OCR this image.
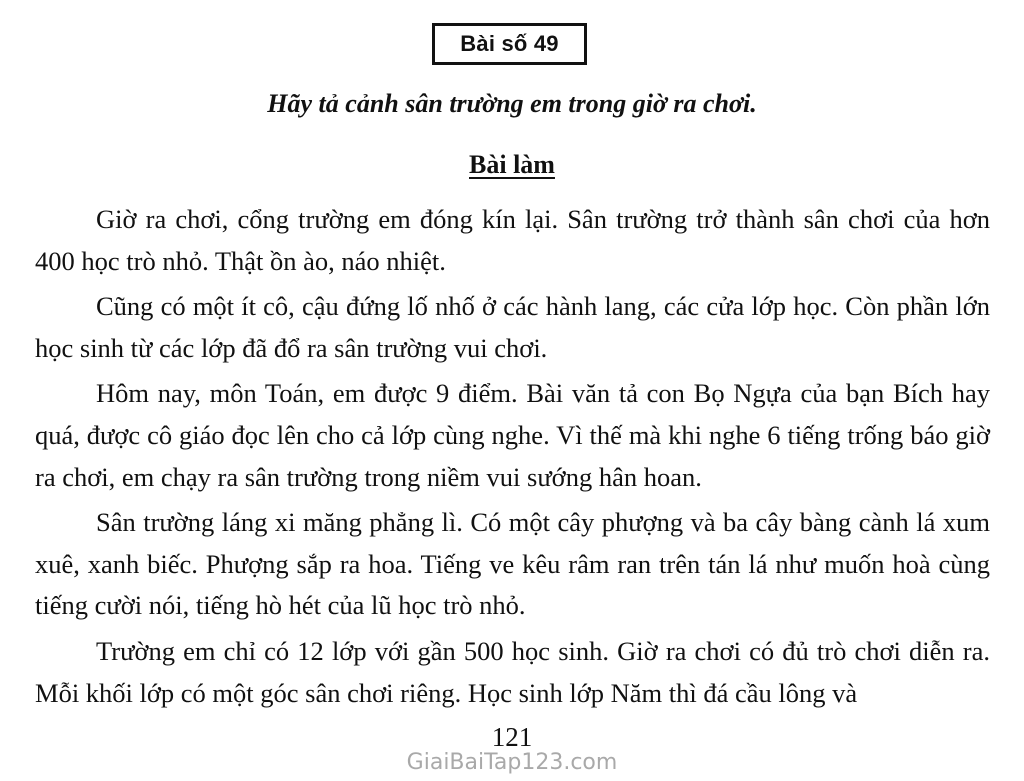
Bài số 49
Hãy tả cảnh sân trường em trong giờ ra chơi.
Bài làm

Giờ ra chơi, cổng trường em đóng kín lại. Sân trường trở thành sân chơi của hơn 400 học trò nhỏ. Thật ồn ào, náo nhiệt.

Cũng có một ít cô, cậu đứng lố nhố ở các hành lang, các cửa lớp học. Còn phần lớn học sinh từ các lớp đã đổ ra sân trường vui chơi.

Hôm nay, môn Toán, em được 9 điểm. Bài văn tả con Bọ Ngựa của bạn Bích hay quá, được cô giáo đọc lên cho cả lớp cùng nghe. Vì thế mà khi nghe 6 tiếng trống báo giờ ra chơi, em chạy ra sân trường trong niềm vui sướng hân hoan.

Sân trường láng xi măng phẳng lì. Có một cây phượng và ba cây bàng cành lá xum xuê, xanh biếc. Phượng sắp ra hoa. Tiếng ve kêu râm ran trên tán lá như muốn hoà cùng tiếng cười nói, tiếng hò hét của lũ học trò nhỏ.

Trường em chỉ có 12 lớp với gần 500 học sinh. Giờ ra chơi có đủ trò chơi diễn ra. Mỗi khối lớp có một góc sân chơi riêng. Học sinh lớp Năm thì đá cầu lông và

121
GiaiBaiTap123.com
